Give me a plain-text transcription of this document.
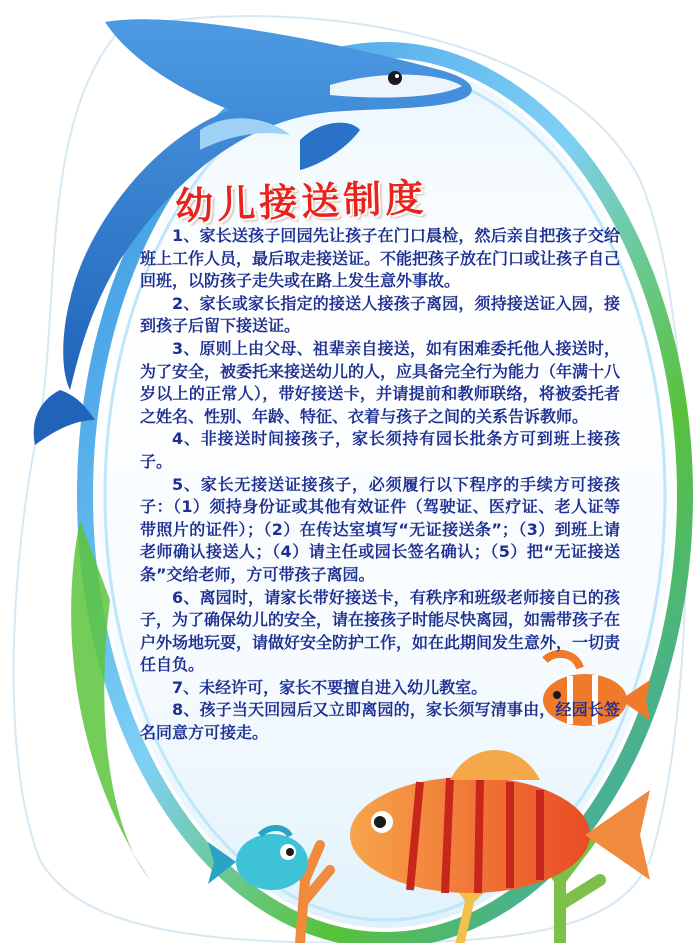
幼儿接送制度

1、家长送孩子回园先让孩子在门口晨检，然后亲自把孩子交给班上工作人员，最后取走接送证。不能把孩子放在门口或让孩子自己回班，以防孩子走失或在路上发生意外事故。

2、家长或家长指定的接送人接孩子离园，须持接送证入园，接到孩子后留下接送证。

3、原则上由父母、祖辈亲自接送，如有困难委托他人接送时，为了安全，被委托来接送幼儿的人，应具备完全行为能力（年满十八岁以上的正常人），带好接送卡，并请提前和教师联络，将被委托者之姓名、性别、年龄、特征、衣着与孩子之间的关系告诉教师。

4、非接送时间接孩子，家长须持有园长批条方可到班上接孩子。

5、家长无接送证接孩子，必须履行以下程序的手续方可接孩子：（1）须持身份证或其他有效证件（驾驶证、医疗证、老人证等带照片的证件）；（2）在传达室填写“无证接送条”；（3）到班上请老师确认接送人；（4）请主任或园长签名确认；（5）把“无证接送条”交给老师，方可带孩子离园。

6、离园时，请家长带好接送卡，有秩序和班级老师接自已的孩子，为了确保幼儿的安全，请在接孩子时能尽快离园，如需带孩子在户外场地玩耍，请做好安全防护工作，如在此期间发生意外，一切责任自负。

7、未经许可，家长不要擅自进入幼儿教室。

8、孩子当天回园后又立即离园的，家长须写清事由，经园长签名同意方可接走。
